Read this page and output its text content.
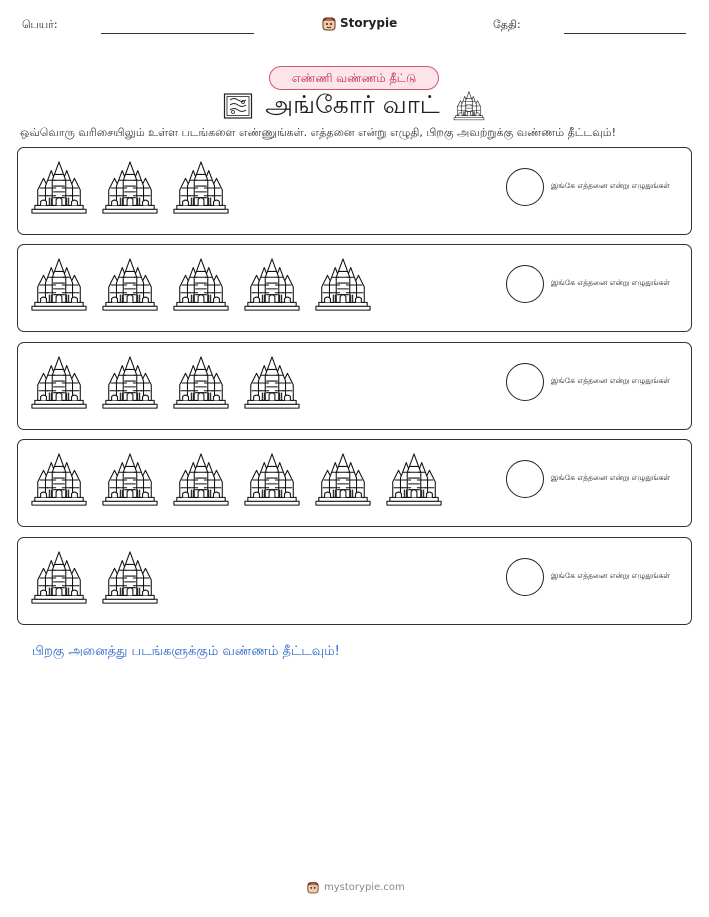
பெயர்:	Storypie	தேதி:
எண்ணி வண்ணம் தீட்டு
அங்கோர் வாட்
ஒவ்வொரு வரிசையிலும் உள்ள படங்களை எண்ணுங்கள். எத்தனை என்று எழுதி, பிறகு அவற்றுக்கு வண்ணம் தீட்டவும்!
இங்கே எத்தனை என்று எழுதுங்கள்
இங்கே எத்தனை என்று எழுதுங்கள்
இங்கே எத்தனை என்று எழுதுங்கள்
இங்கே எத்தனை என்று எழுதுங்கள்
இங்கே எத்தனை என்று எழுதுங்கள்
பிறகு அனைத்து படங்களுக்கும் வண்ணம் தீட்டவும்!
mystorypie.com
